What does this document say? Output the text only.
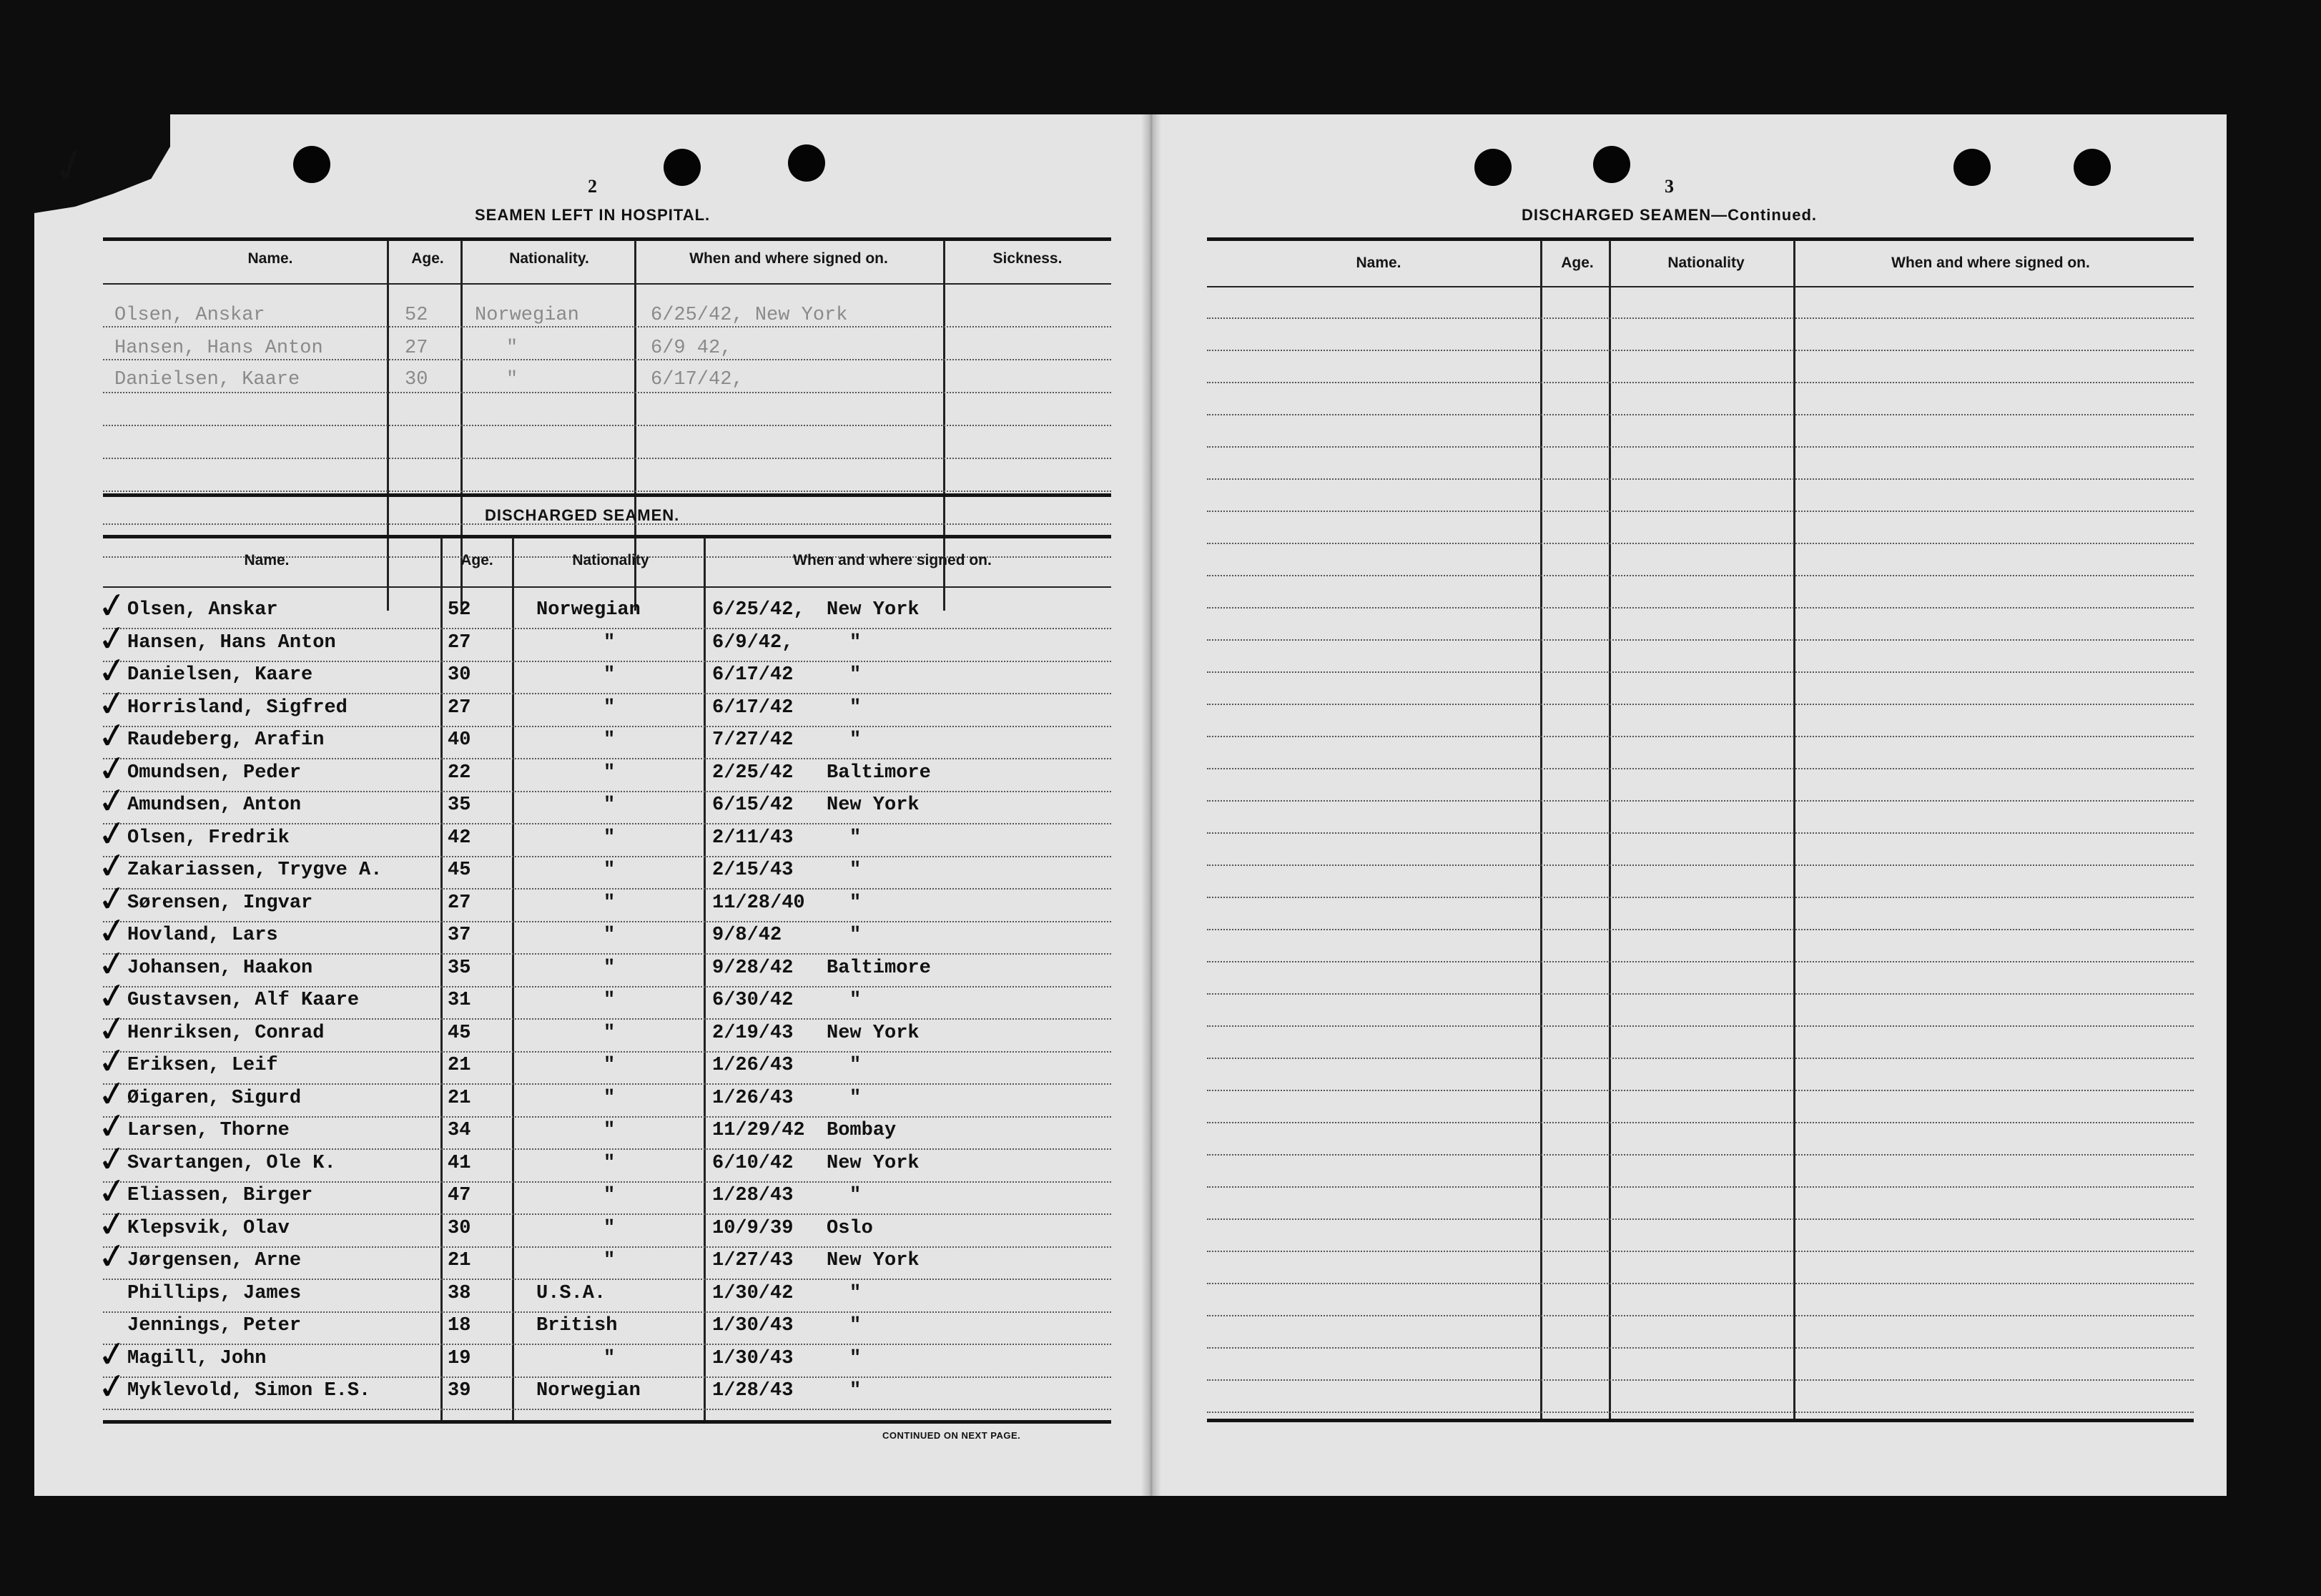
✓	2
SEAMEN LEFT IN HOSPITAL.
Name.	Age.	Nationality.	When and where signed on.	Sickness.
Olsen, Anskar	52 Norwegian	6/25/42, New York
Hansen, Hans Anton	27	"	6/9 42,
Danielsen, Kaare	30	"	6/17/42,
DISCHARGED SEAMEN.
Name.	Age.	Nationality	When and where signed on.
Olsen, Anskar	52	Norwegian	6/25/42, New York
✓
Hansen, Hans Anton	27	"	6/9/42,	"
✓
Danielsen, Kaare	30	"	6/17/42	"
✓
Horrisland, Sigfred	27	"	6/17/42	"
✓
Raudeberg, Arafin	40	"	7/27/42	"
✓
Omundsen, Peder	22	"	2/25/42 Baltimore
✓
Amundsen, Anton	35	"	6/15/42 New York
✓
Olsen, Fredrik	42	"	2/11/43	"
✓
Zakariassen, Trygve A.	45	"	2/15/43	"
✓
Sørensen, Ingvar	27	"	11/28/40 "
✓
Hovland, Lars	37	"	9/8/42	"
✓
Johansen, Haakon	35	"	9/28/42 Baltimore
✓
Gustavsen, Alf Kaare	31	"	6/30/42	"
✓
Henriksen, Conrad	45	"	2/19/43 New York
✓
Eriksen, Leif	21	"	1/26/43	"
✓
Øigaren, Sigurd	21	"	1/26/43	"
✓
Larsen, Thorne	34	"	11/29/42 Bombay
✓
Svartangen, Ole K.	41	"	6/10/42 New York
✓
Eliassen, Birger	47	"	1/28/43	"
✓
Klepsvik, Olav	30	"	10/9/39 Oslo
✓
Jørgensen, Arne	21	"	1/27/43 New York
✓
Phillips, James	38	U.S.A.	1/30/42	"
Jennings, Peter	18	British	1/30/43	"
Magill, John	19	"	1/30/43	"
✓
Myklevold, Simon E.S.	39	Norwegian	1/28/43	"
✓
CONTINUED ON NEXT PAGE.
3
DISCHARGED SEAMEN—Continued.
Name.	Age.	Nationality	When and where signed on.
